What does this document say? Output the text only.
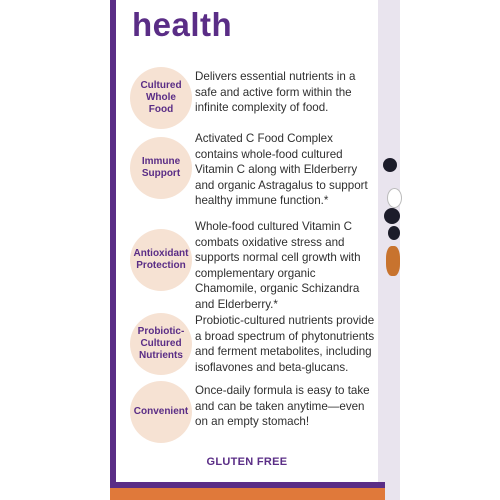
health
Cultured
Whole
Food

Delivers essential nutrients in a safe and active form within the infinite complexity of food.

Immune
Support

Activated C Food Complex contains whole-food cultured Vitamin C along with Elderberry and organic Astragalus to support healthy immune function.*

Antioxidant
Protection

Whole-food cultured Vitamin C combats oxidative stress and supports normal cell growth with complementary organic Chamomile, organic Schizandra and Elderberry.*

Probiotic-
Cultured
Nutrients

Probiotic-cultured nutrients provide a broad spectrum of phytonutrients and ferment metabolites, including isoflavones and beta-glucans.

Convenient

Once-daily formula is easy to take and can be taken anytime—even on an empty stomach!

GLUTEN FREE
